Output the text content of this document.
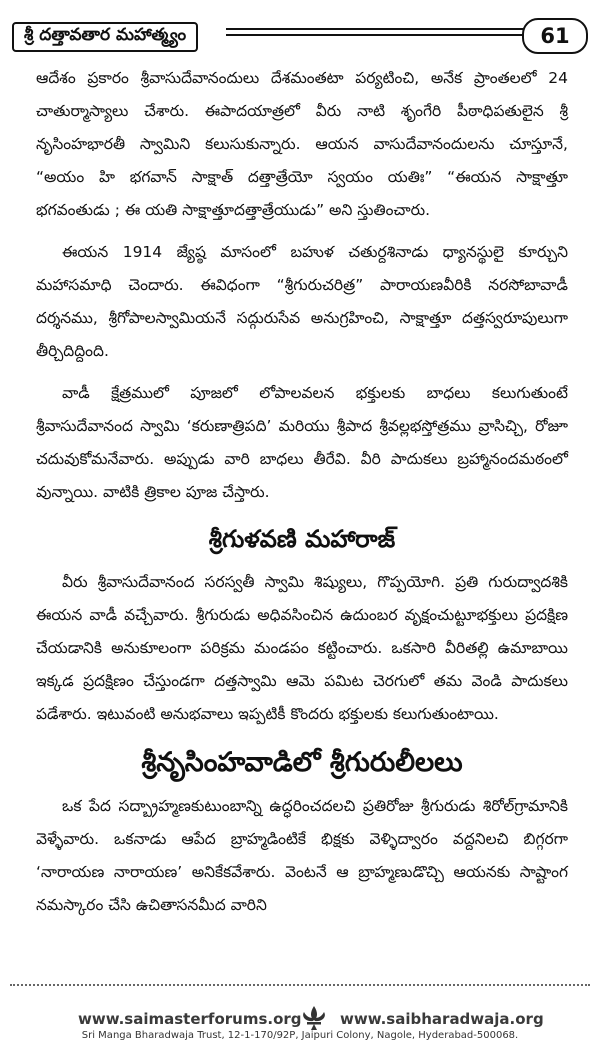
శ్రీ దత్తావతార మహాత్మ్యం	61

ఆదేశం ప్రకారం శ్రీవాసుదేవానందులు దేశమంతటా పర్యటించి, అనేక ప్రాంతలలో 24 చాతుర్మాస్యాలు చేశారు. ఈపాదయాత్రలో వీరు నాటి శృంగేరి పీఠాధిపతులైన శ్రీ నృసింహభారతీ స్వామిని కలుసుకున్నారు. ఆయన వాసుదేవానందులను చూస్తూనే, “అయం హి భగవాన్ సాక్షాత్ దత్తాత్రేయో స్వయం యతిః” “ఈయన సాక్షాత్తూ భగవంతుడు ; ఈ యతి సాక్షాత్తూదత్తాత్రేయుడు” అని స్తుతించారు.

ఈయన 1914 జ్యేష్ఠ మాసంలో బహుళ చతుర్దశినాడు ధ్యానస్థులై కూర్చుని మహాసమాధి చెందారు. ఈవిధంగా “శ్రీగురుచరిత్ర” పారాయణవీరికి నరసోబావాడీ దర్శనము, శ్రీగోపాలస్వామియనే సద్గురుసేవ అనుగ్రహించి, సాక్షాత్తూ దత్తస్వరూపులుగా తీర్చిదిద్దింది.

వాడీ క్షేత్రములో పూజలో లోపాలవలన భక్తులకు బాధలు కలుగుతుంటే శ్రీవాసుదేవానంద స్వామి ‘కరుణాత్రిపది’ మరియు శ్రీపాద శ్రీవల్లభస్తోత్రము వ్రాసిచ్చి, రోజూ చదువుకోమనేవారు. అప్పుడు వారి బాధలు తీరేవి. వీరి పాదుకలు బ్రహ్మానందమఠంలో వున్నాయి. వాటికి త్రికాల పూజ చేస్తారు.

శ్రీగుళవణి మహారాజ్

వీరు శ్రీవాసుదేవానంద సరస్వతీ స్వామి శిష్యులు, గొప్పయోగి. ప్రతి గురుద్వాదశికి ఈయన వాడీ వచ్చేవారు. శ్రీగురుడు అధివసించిన ఉదుంబర వృక్షంచుట్టూభక్తులు ప్రదక్షిణ చేయడానికి అనుకూలంగా పరిక్రమ మండపం కట్టించారు. ఒకసారి వీరితల్లి ఉమాబాయి ఇక్కడ ప్రదక్షిణం చేస్తుండగా దత్తస్వామి ఆమె పమిట చెరగులో తమ వెండి పాదుకలు పడేశారు. ఇటువంటి అనుభవాలు ఇప్పటికీ కొందరు భక్తులకు కలుగుతుంటాయి.

శ్రీనృసింహవాడిలో శ్రీగురులీలలు

ఒక పేద సద్బ్రాహ్మణకుటుంబాన్ని ఉద్ధరించదలచి ప్రతిరోజు శ్రీగురుడు శిరోల్‌గ్రామానికి వెళ్ళేవారు. ఒకనాడు ఆపేద బ్రాహ్మడింటికే భిక్షకు వెళ్ళిద్వారం వద్దనిలచి బిగ్గరగా ‘నారాయణ నారాయణ’ అనికేకవేశారు. వెంటనే ఆ బ్రాహ్మణుడొచ్చి ఆయనకు సాష్టాంగ నమస్కారం చేసి ఉచితాసనమీద వారిని

www.saimasterforums.org	www.saibharadwaja.org
Sri Manga Bharadwaja Trust, 12-1-170/92P, Jaipuri Colony, Nagole, Hyderabad-500068.
